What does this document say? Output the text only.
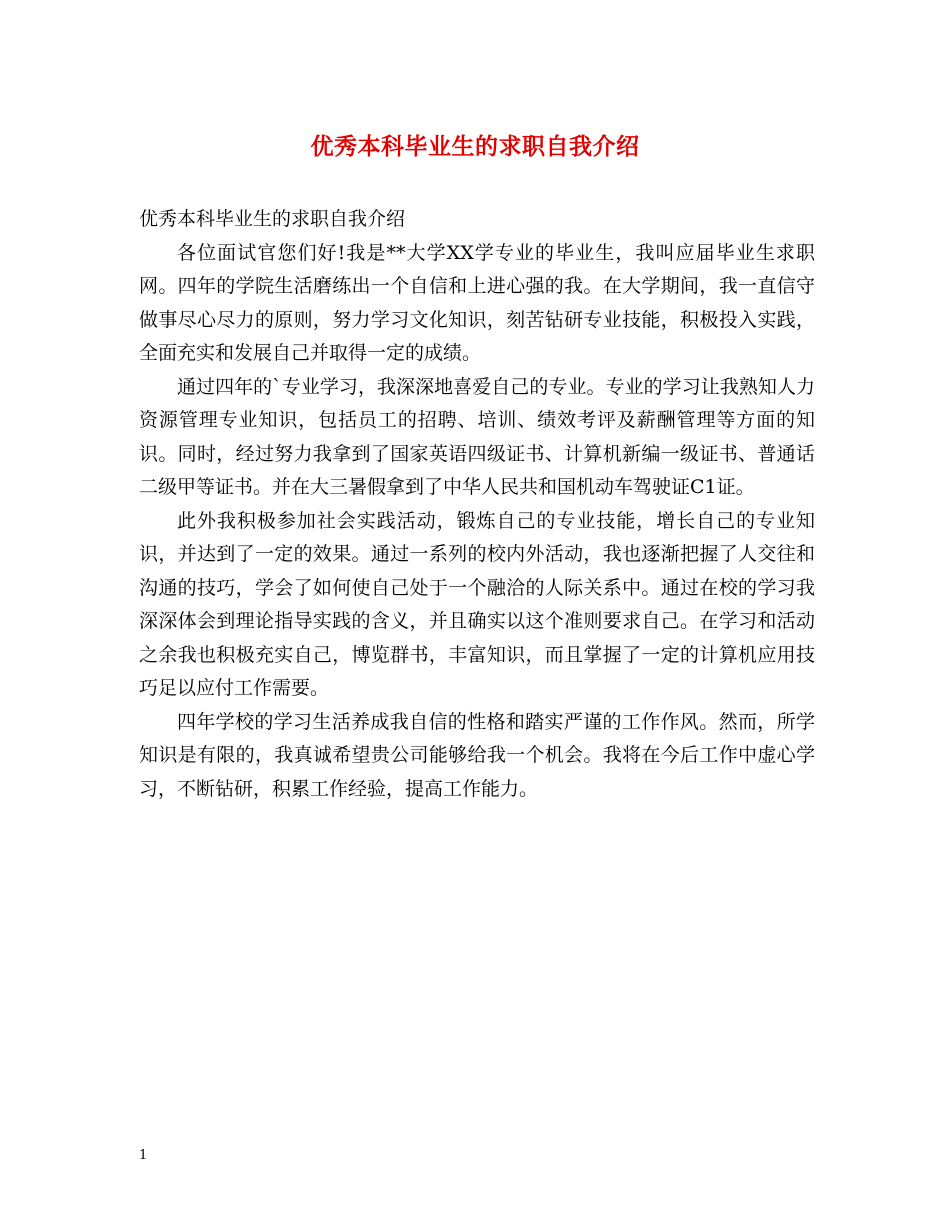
优秀本科毕业生的求职自我介绍

优秀本科毕业生的求职自我介绍

各位面试官您们好!我是**大学XX学专业的毕业生，我叫应届毕业生求职网。四年的学院生活磨练出一个自信和上进心强的我。在大学期间，我一直信守做事尽心尽力的原则，努力学习文化知识，刻苦钻研专业技能，积极投入实践，全面充实和发展自己并取得一定的成绩。

通过四年的`专业学习，我深深地喜爱自己的专业。专业的学习让我熟知人力资源管理专业知识，包括员工的招聘、培训、绩效考评及薪酬管理等方面的知识。同时，经过努力我拿到了国家英语四级证书、计算机新编一级证书、普通话二级甲等证书。并在大三暑假拿到了中华人民共和国机动车驾驶证C1证。

此外我积极参加社会实践活动，锻炼自己的专业技能，增长自己的专业知识，并达到了一定的效果。通过一系列的校内外活动，我也逐渐把握了人交往和沟通的技巧，学会了如何使自己处于一个融洽的人际关系中。通过在校的学习我深深体会到理论指导实践的含义，并且确实以这个准则要求自己。在学习和活动之余我也积极充实自己，博览群书，丰富知识，而且掌握了一定的计算机应用技巧足以应付工作需要。

四年学校的学习生活养成我自信的性格和踏实严谨的工作作风。然而，所学知识是有限的，我真诚希望贵公司能够给我一个机会。我将在今后工作中虚心学习，不断钻研，积累工作经验，提高工作能力。

1
